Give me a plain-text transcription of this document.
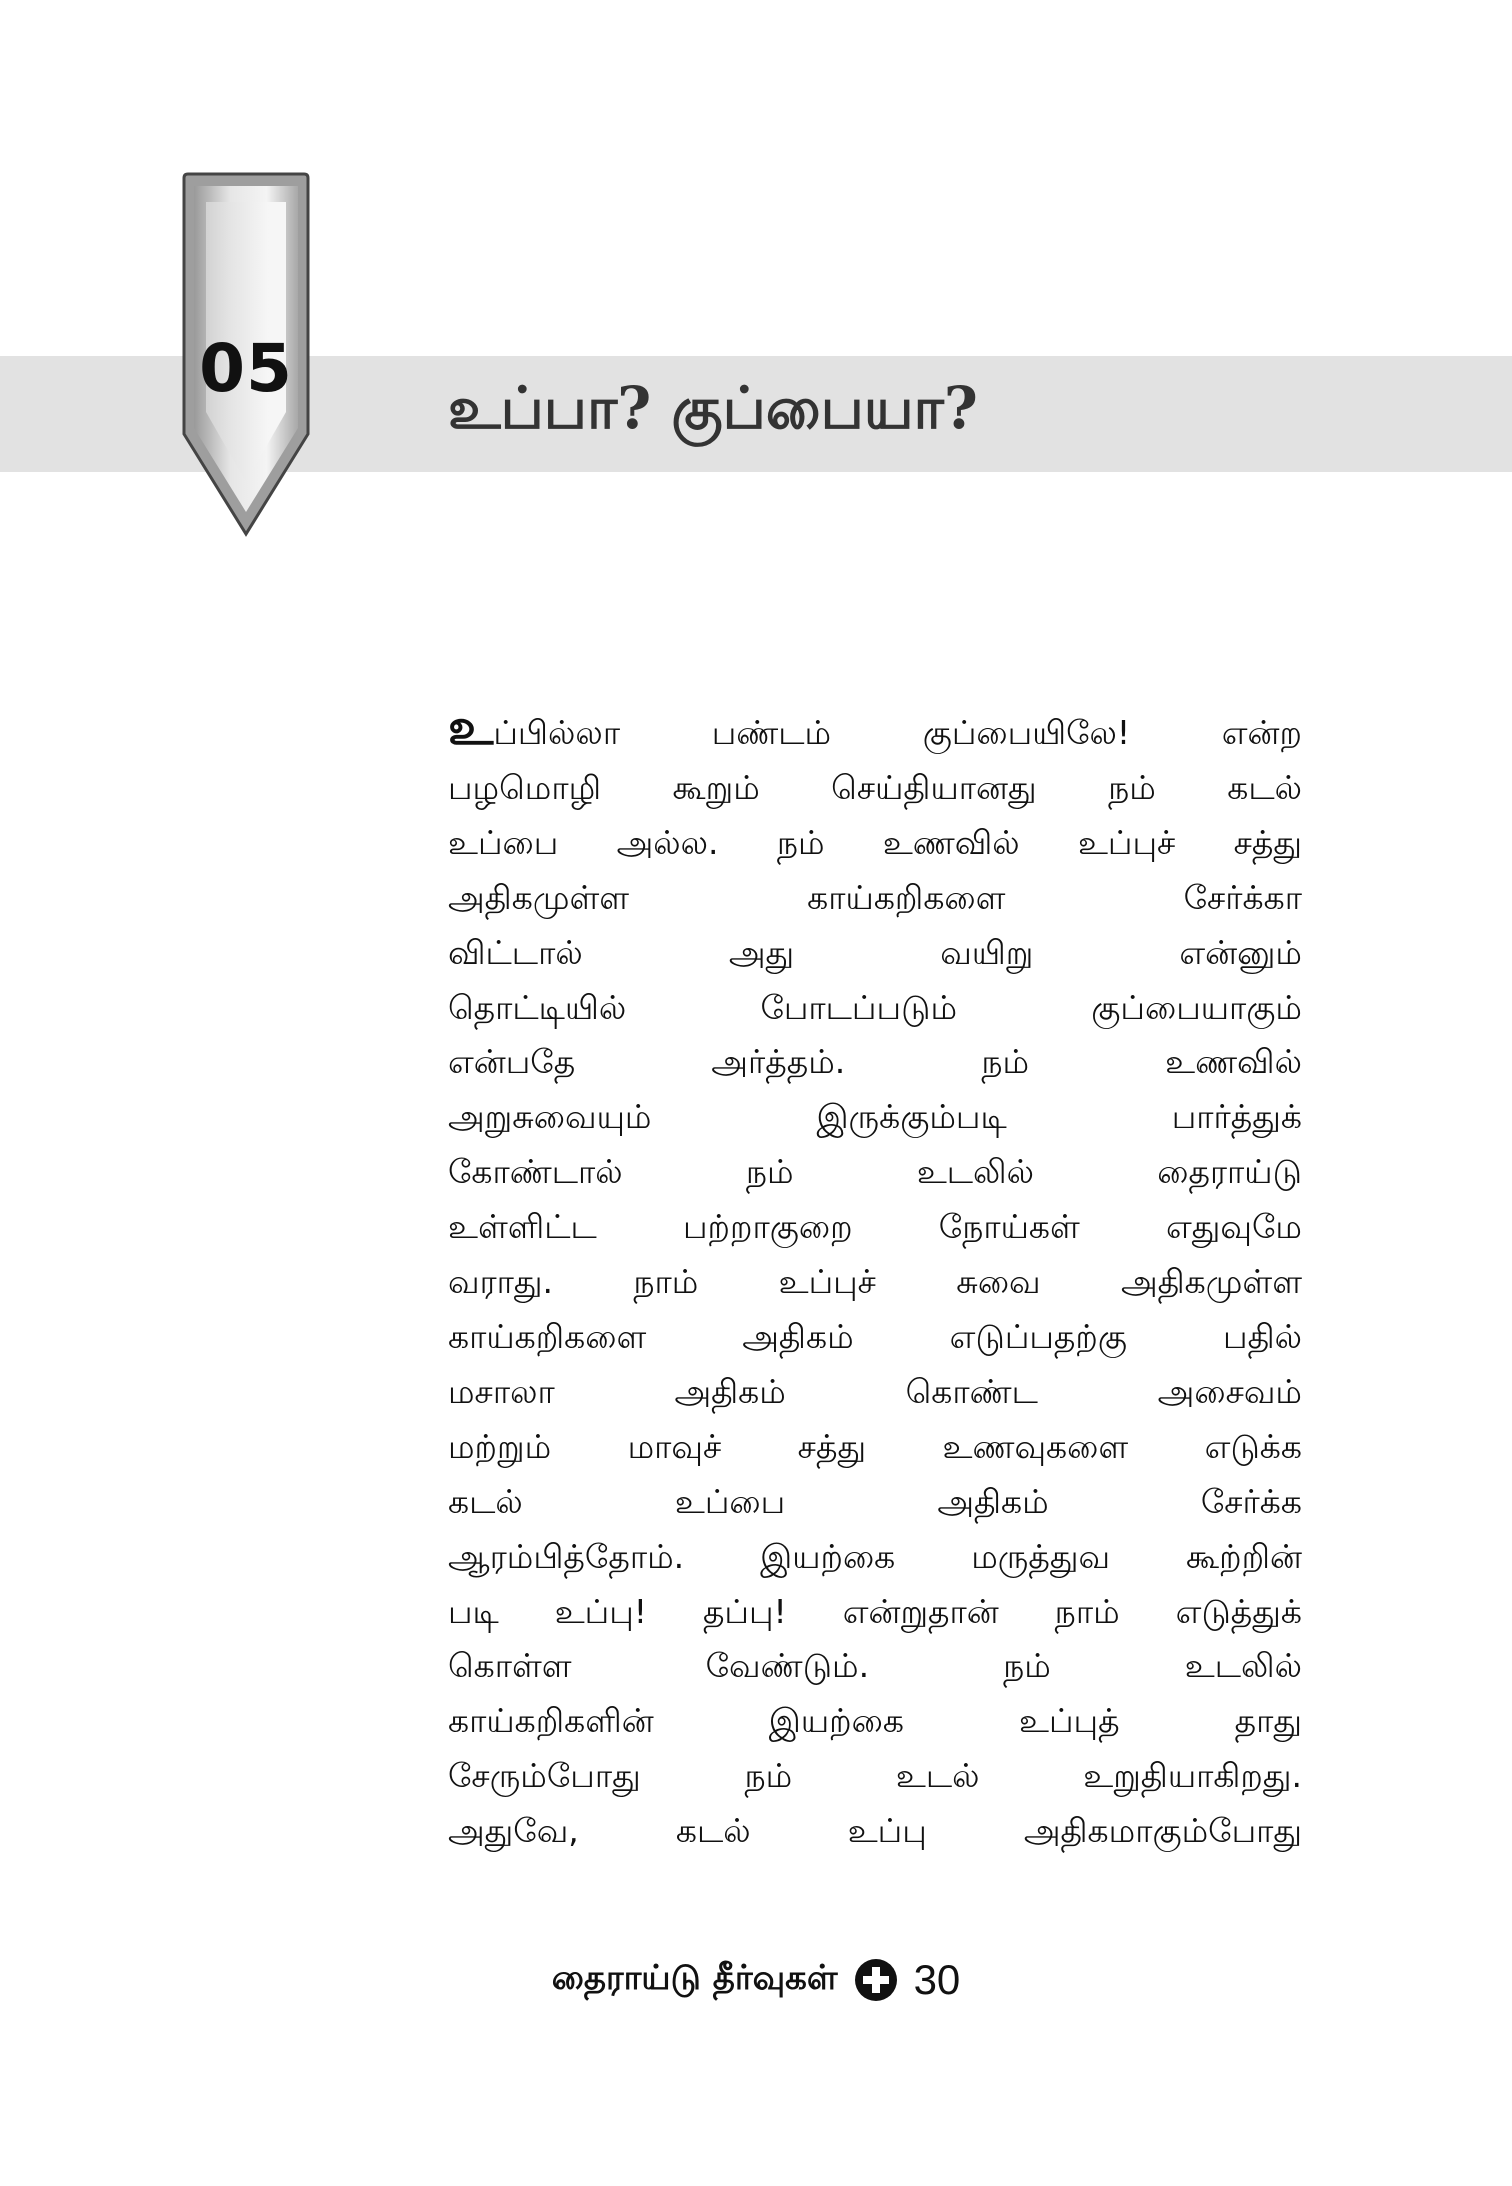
05
உப்பா? குப்பையா?
உப்பில்லா பண்டம் குப்பையிலே! என்ற
பழமொழி கூறும் செய்தியானது நம் கடல்
உப்பை அல்ல. நம் உணவில் உப்புச் சத்து
அதிகமுள்ள காய்கறிகளை சேர்க்கா
விட்டால் அது வயிறு என்னும்
தொட்டியில் போடப்படும் குப்பையாகும்
என்பதே அர்த்தம். நம் உணவில்
அறுசுவையும் இருக்கும்படி பார்த்துக்
கோண்டால் நம் உடலில் தைராய்டு
உள்ளிட்ட பற்றாகுறை நோய்கள் எதுவுமே
வராது. நாம் உப்புச் சுவை அதிகமுள்ள
காய்கறிகளை அதிகம் எடுப்பதற்கு பதில்
மசாலா அதிகம் கொண்ட அசைவம்
மற்றும் மாவுச் சத்து உணவுகளை எடுக்க
கடல் உப்பை அதிகம் சேர்க்க
ஆரம்பித்தோம். இயற்கை மருத்துவ கூற்றின்
படி உப்பு! தப்பு! என்றுதான் நாம் எடுத்துக்
கொள்ள வேண்டும். நம் உடலில்
காய்கறிகளின் இயற்கை உப்புத் தாது
சேரும்போது நம் உடல் உறுதியாகிறது.
அதுவே, கடல் உப்பு அதிகமாகும்போது
தைராய்டு தீர்வுகள் 30
